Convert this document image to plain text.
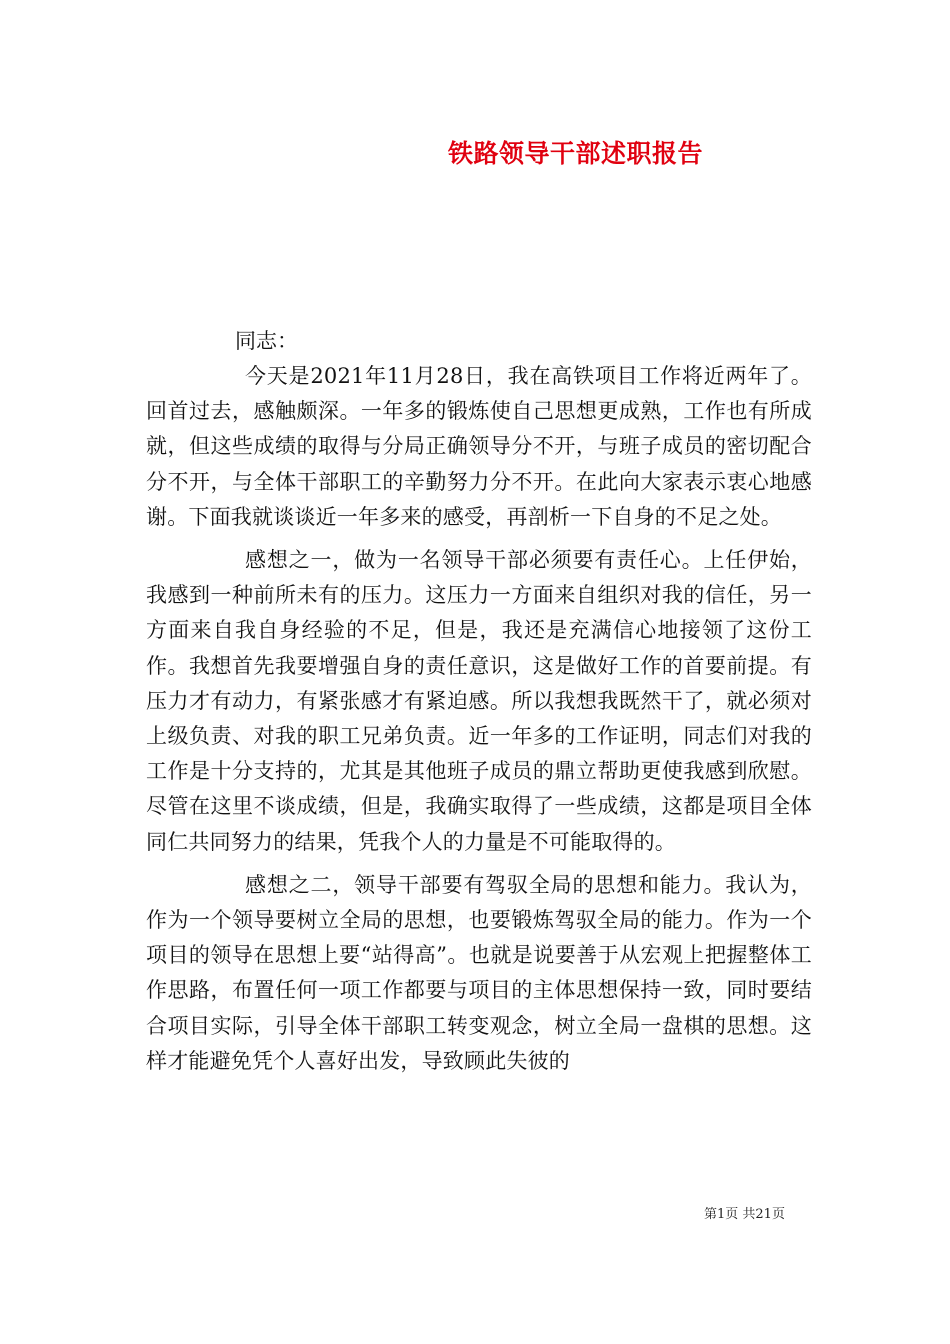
铁路领导干部述职报告
同志：

今天是2021年11月28日，我在高铁项目工作将近两年了。回首过去，感触颇深。一年多的锻炼使自己思想更成熟，工作也有所成就，但这些成绩的取得与分局正确领导分不开，与班子成员的密切配合分不开，与全体干部职工的辛勤努力分不开。在此向大家表示衷心地感谢。下面我就谈谈近一年多来的感受，再剖析一下自身的不足之处。

感想之一，做为一名领导干部必须要有责任心。上任伊始，我感到一种前所未有的压力。这压力一方面来自组织对我的信任，另一方面来自我自身经验的不足，但是，我还是充满信心地接领了这份工作。我想首先我要增强自身的责任意识，这是做好工作的首要前提。有压力才有动力，有紧张感才有紧迫感。所以我想我既然干了，就必须对上级负责、对我的职工兄弟负责。近一年多的工作证明，同志们对我的工作是十分支持的，尤其是其他班子成员的鼎立帮助更使我感到欣慰。尽管在这里不谈成绩，但是，我确实取得了一些成绩，这都是项目全体同仁共同努力的结果，凭我个人的力量是不可能取得的。

感想之二，领导干部要有驾驭全局的思想和能力。我认为，作为一个领导要树立全局的思想，也要锻炼驾驭全局的能力。作为一个项目的领导在思想上要“站得高”。也就是说要善于从宏观上把握整体工作思路，布置任何一项工作都要与项目的主体思想保持一致，同时要结合项目实际，引导全体干部职工转变观念，树立全局一盘棋的思想。这样才能避免凭个人喜好出发，导致顾此失彼的

第1页 共21页
